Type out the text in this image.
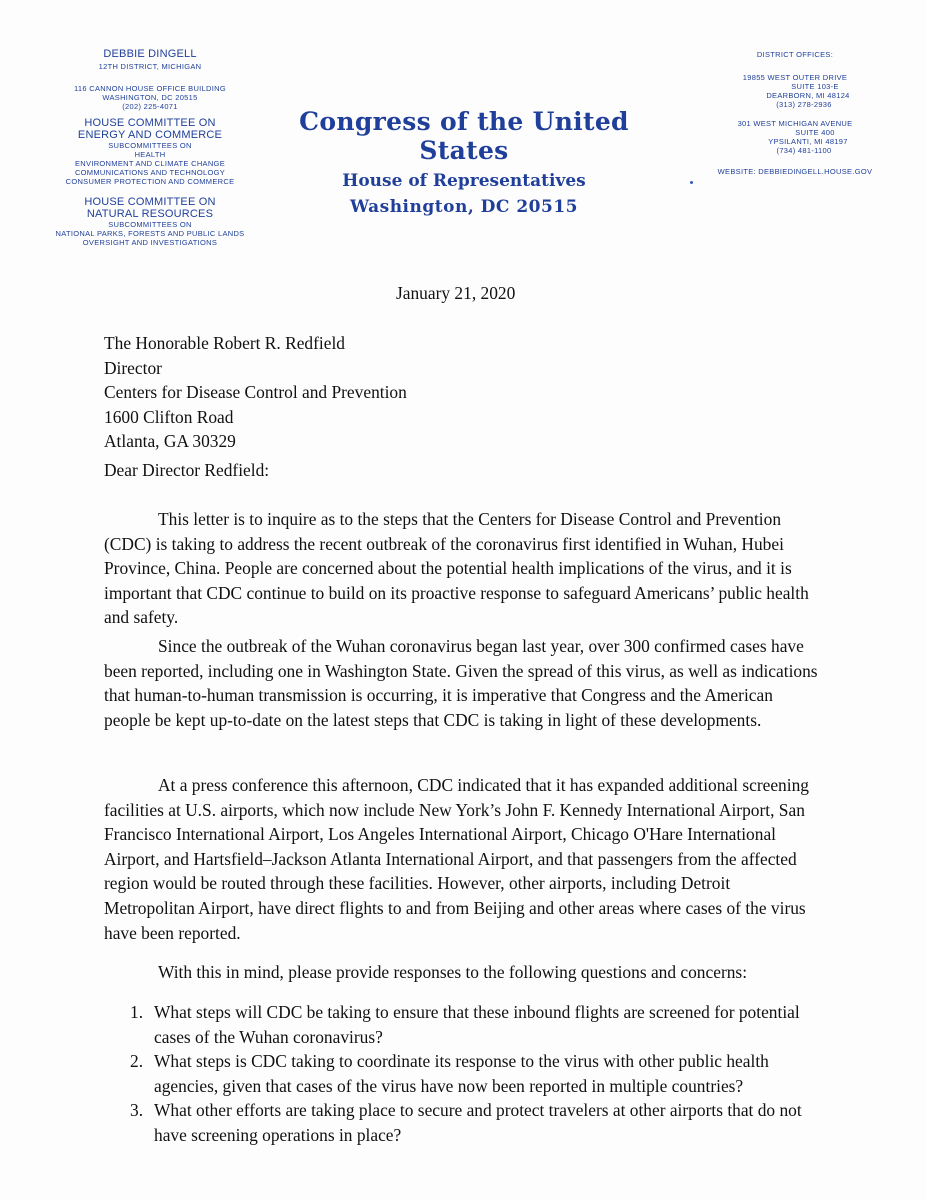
DEBBIE DINGELL
12TH DISTRICT, MICHIGAN
116 CANNON HOUSE OFFICE BUILDING
WASHINGTON, DC 20515
(202) 225-4071
HOUSE COMMITTEE ON
ENERGY AND COMMERCE
SUBCOMMITTEES ON
HEALTH
ENVIRONMENT AND CLIMATE CHANGE
COMMUNICATIONS AND TECHNOLOGY
CONSUMER PROTECTION AND COMMERCE
HOUSE COMMITTEE ON
NATURAL RESOURCES
SUBCOMMITTEES ON
NATIONAL PARKS, FORESTS AND PUBLIC LANDS
OVERSIGHT AND INVESTIGATIONS
Congress of the United States
House of Representatives
Washington, DC 20515
DISTRICT OFFICES:
19855 WEST OUTER DRIVE
SUITE 103-E
DEARBORN, MI 48124
(313) 278-2936
301 WEST MICHIGAN AVENUE
SUITE 400
YPSILANTI, MI 48197
(734) 481-1100
WEBSITE: DEBBIEDINGELL.HOUSE.GOV
January 21, 2020
The Honorable Robert R. Redfield
Director
Centers for Disease Control and Prevention
1600 Clifton Road
Atlanta, GA 30329
Dear Director Redfield:
This letter is to inquire as to the steps that the Centers for Disease Control and Prevention (CDC) is taking to address the recent outbreak of the coronavirus first identified in Wuhan, Hubei Province, China. People are concerned about the potential health implications of the virus, and it is important that CDC continue to build on its proactive response to safeguard Americans’ public health and safety.
Since the outbreak of the Wuhan coronavirus began last year, over 300 confirmed cases have been reported, including one in Washington State. Given the spread of this virus, as well as indications that human-to-human transmission is occurring, it is imperative that Congress and the American people be kept up-to-date on the latest steps that CDC is taking in light of these developments.
At a press conference this afternoon, CDC indicated that it has expanded additional screening facilities at U.S. airports, which now include New York’s John F. Kennedy International Airport, San Francisco International Airport, Los Angeles International Airport, Chicago O'Hare International Airport, and Hartsfield–Jackson Atlanta International Airport, and that passengers from the affected region would be routed through these facilities. However, other airports, including Detroit Metropolitan Airport, have direct flights to and from Beijing and other areas where cases of the virus have been reported.
With this in mind, please provide responses to the following questions and concerns:
1. What steps will CDC be taking to ensure that these inbound flights are screened for potential cases of the Wuhan coronavirus?
2. What steps is CDC taking to coordinate its response to the virus with other public health agencies, given that cases of the virus have now been reported in multiple countries?
3. What other efforts are taking place to secure and protect travelers at other airports that do not have screening operations in place?
